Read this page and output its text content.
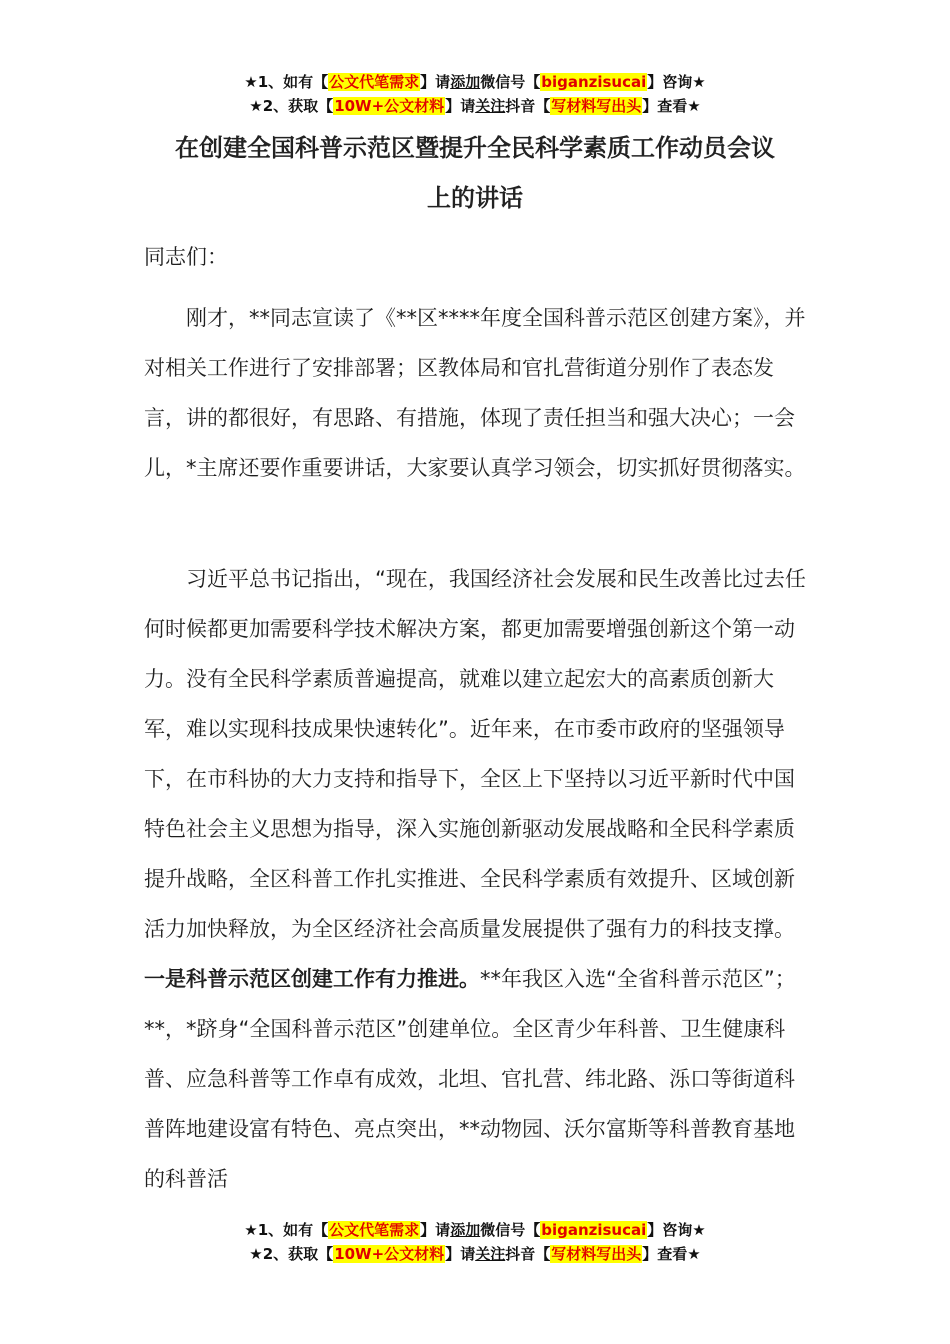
★1、如有【公文代笔需求】请添加微信号【biganzisucai】咨询★
★2、获取【10W+公文材料】请关注抖音【写材料写出头】查看★
在创建全国科普示范区暨提升全民科学素质工作动员会议
上的讲话
同志们：
刚才，**同志宣读了《**区****年度全国科普示范区创建方案》，并对相关工作进行了安排部署；区教体局和官扎营街道分别作了表态发言，讲的都很好，有思路、有措施，体现了责任担当和强大决心；一会儿，*主席还要作重要讲话，大家要认真学习领会，切实抓好贯彻落实。
习近平总书记指出，“现在，我国经济社会发展和民生改善比过去任何时候都更加需要科学技术解决方案，都更加需要增强创新这个第一动力。没有全民科学素质普遍提高，就难以建立起宏大的高素质创新大军，难以实现科技成果快速转化”。近年来，在市委市政府的坚强领导下，在市科协的大力支持和指导下，全区上下坚持以习近平新时代中国特色社会主义思想为指导，深入实施创新驱动发展战略和全民科学素质提升战略，全区科普工作扎实推进、全民科学素质有效提升、区域创新活力加快释放，为全区经济社会高质量发展提供了强有力的科技支撑。一是科普示范区创建工作有力推进。**年我区入选“全省科普示范区”；**，*跻身“全国科普示范区”创建单位。全区青少年科普、卫生健康科普、应急科普等工作卓有成效，北坦、官扎营、纬北路、泺口等街道科普阵地建设富有特色、亮点突出，**动物园、沃尔富斯等科普教育基地的科普活
★1、如有【公文代笔需求】请添加微信号【biganzisucai】咨询★
★2、获取【10W+公文材料】请关注抖音【写材料写出头】查看★
